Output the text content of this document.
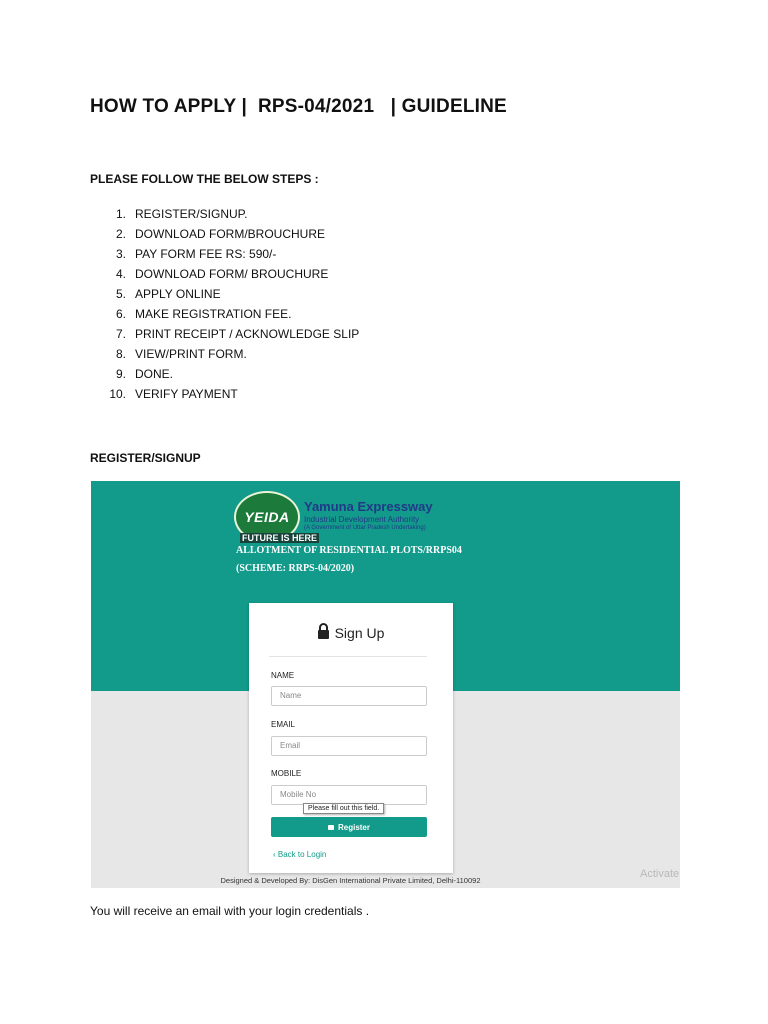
HOW TO APPLY |  RPS-04/2021   | GUIDELINE
PLEASE FOLLOW THE BELOW STEPS :
1. REGISTER/SIGNUP.
2. DOWNLOAD FORM/BROUCHURE
3. PAY FORM FEE RS: 590/-
4. DOWNLOAD FORM/ BROUCHURE
5. APPLY ONLINE
6. MAKE REGISTRATION FEE.
7. PRINT RECEIPT / ACKNOWLEDGE SLIP
8. VIEW/PRINT FORM.
9. DONE.
10. VERIFY PAYMENT
REGISTER/SIGNUP
YEIDA
FUTURE IS HERE
Yamuna Expressway
Industrial Development Authority
(A Government of Uttar Pradesh Undertaking)
ALLOTMENT OF RESIDENTIAL PLOTS/RRPS04
(SCHEME: RRPS-04/2020)
Sign Up
NAME
Name
EMAIL
Email
MOBILE
Mobile No
Please fill out this field.
Register
‹ Back to Login
Designed & Developed By: DisGen International Private Limited, Delhi-110092
Activate
You will receive an email with your login credentials .
